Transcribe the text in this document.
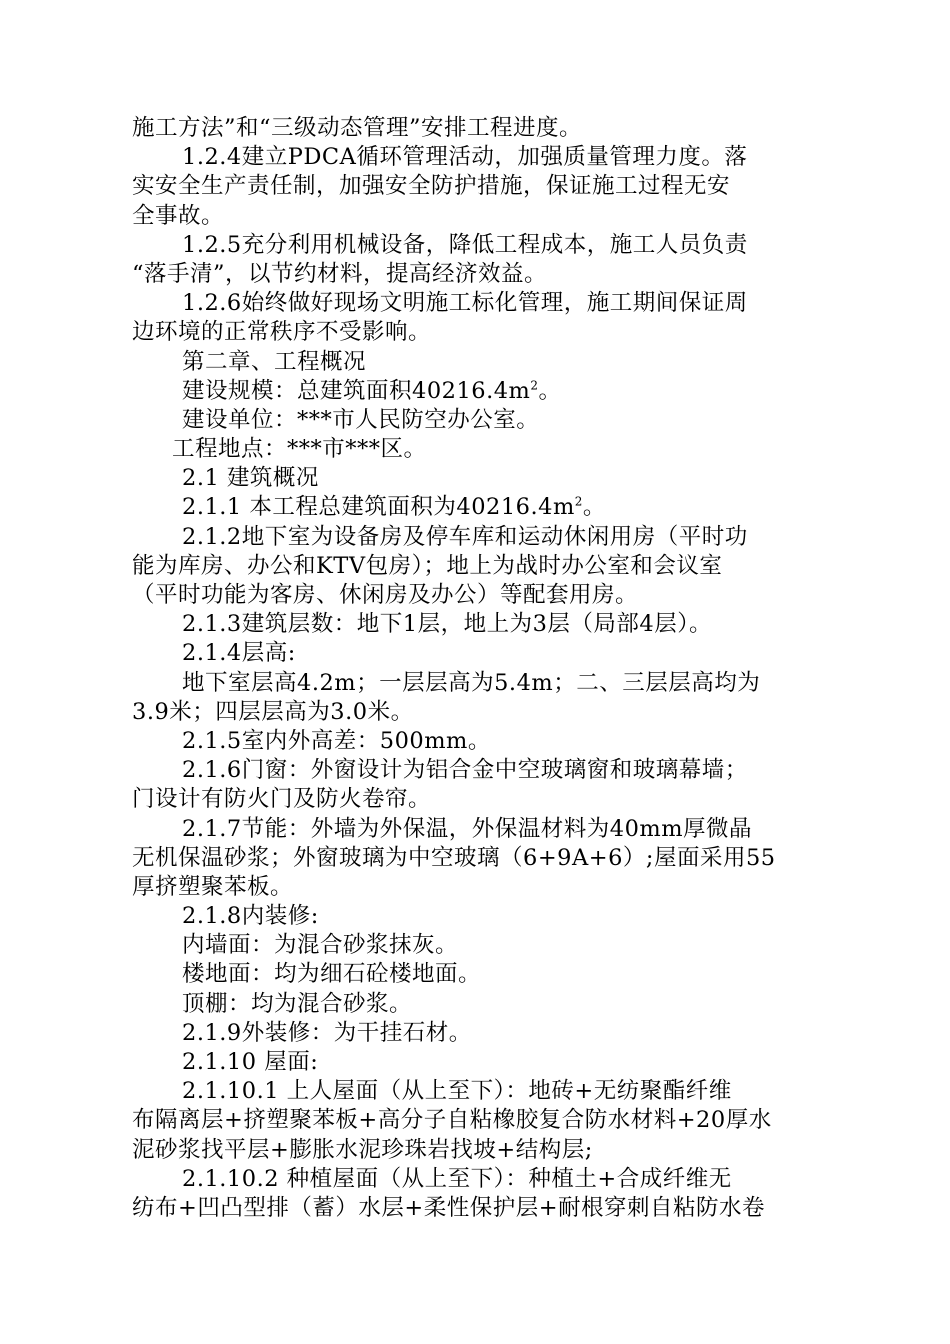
施工方法”和“三级动态管理”安排工程进度。
1.2.4建立PDCA循环管理活动，加强质量管理力度。落
实安全生产责任制，加强安全防护措施，保证施工过程无安
全事故。
1.2.5充分利用机械设备，降低工程成本，施工人员负责
“落手清”，以节约材料，提高经济效益。
1.2.6始终做好现场文明施工标化管理，施工期间保证周
边环境的正常秩序不受影响。
第二章、工程概况
建设规模：总建筑面积$40216.4m^2$。
建设单位：***市人民防空办公室。
工程地点：***市***区。
2.1 建筑概况
2.1.1 本工程总建筑面积为$40216.4m^2$。
2.1.2地下室为设备房及停车库和运动休闲用房（平时功
能为库房、办公和KTV包房）；地上为战时办公室和会议室
（平时功能为客房、休闲房及办公）等配套用房。
2.1.3建筑层数：地下1层，地上为3层（局部4层）。
2.1.4层高:
地下室层高4.2m；一层层高为5.4m；二、三层层高均为
3.9米；四层层高为3.0米。
2.1.5室内外高差：500mm。
2.1.6门窗：外窗设计为铝合金中空玻璃窗和玻璃幕墙；
门设计有防火门及防火卷帘。
2.1.7节能：外墙为外保温，外保温材料为40mm厚微晶
无机保温砂浆；外窗玻璃为中空玻璃（6+9A+6）;屋面采用55
厚挤塑聚苯板。
2.1.8内装修:
内墙面：为混合砂浆抹灰。
楼地面：均为细石砼楼地面。
顶棚：均为混合砂浆。
2.1.9外装修：为干挂石材。
2.1.10 屋面:
2.1.10.1 上人屋面（从上至下）：地砖+无纺聚酯纤维
布隔离层+挤塑聚苯板+高分子自粘橡胶复合防水材料+20厚水
泥砂浆找平层+膨胀水泥珍珠岩找坡+结构层;
2.1.10.2 种植屋面（从上至下）：种植土+合成纤维无
纺布+凹凸型排（蓄）水层+柔性保护层+耐根穿刺自粘防水卷
